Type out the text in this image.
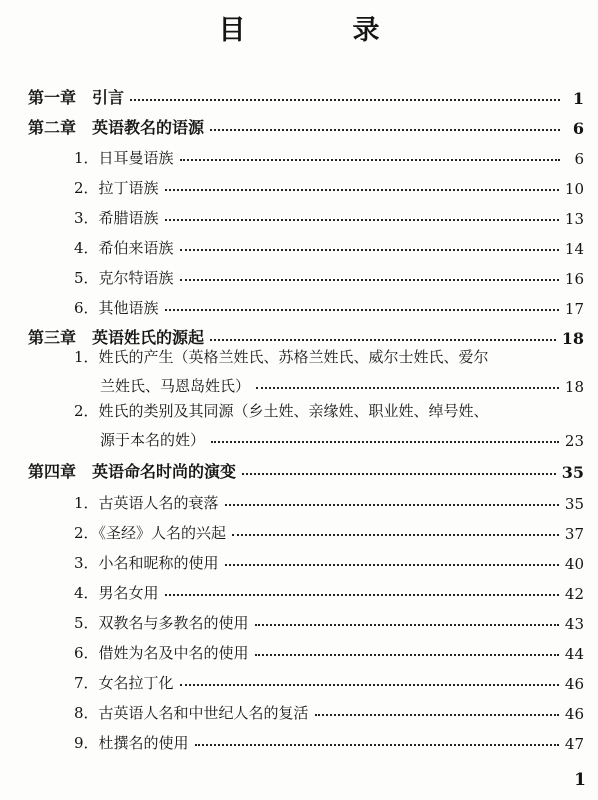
目　录
第一章　引言	1
第二章　英语教名的语源	6
1．日耳曼语族	6
2．拉丁语族	10
3．希腊语族	13
4．希伯来语族	14
5．克尔特语族	16
6．其他语族	17
第三章　英语姓氏的源起	18
1．姓氏的产生（英格兰姓氏、苏格兰姓氏、威尔士姓氏、爱尔
兰姓氏、马恩岛姓氏）	18
2．姓氏的类别及其同源（乡土姓、亲缘姓、职业姓、绰号姓、
源于本名的姓）	23
第四章　英语命名时尚的演变	35
1．古英语人名的衰落	35
2．《圣经》人名的兴起	37
3．小名和昵称的使用	40
4．男名女用	42
5．双教名与多教名的使用	43
6．借姓为名及中名的使用	44
7．女名拉丁化	46
8．古英语人名和中世纪人名的复活	46
9．杜撰名的使用	47
1
